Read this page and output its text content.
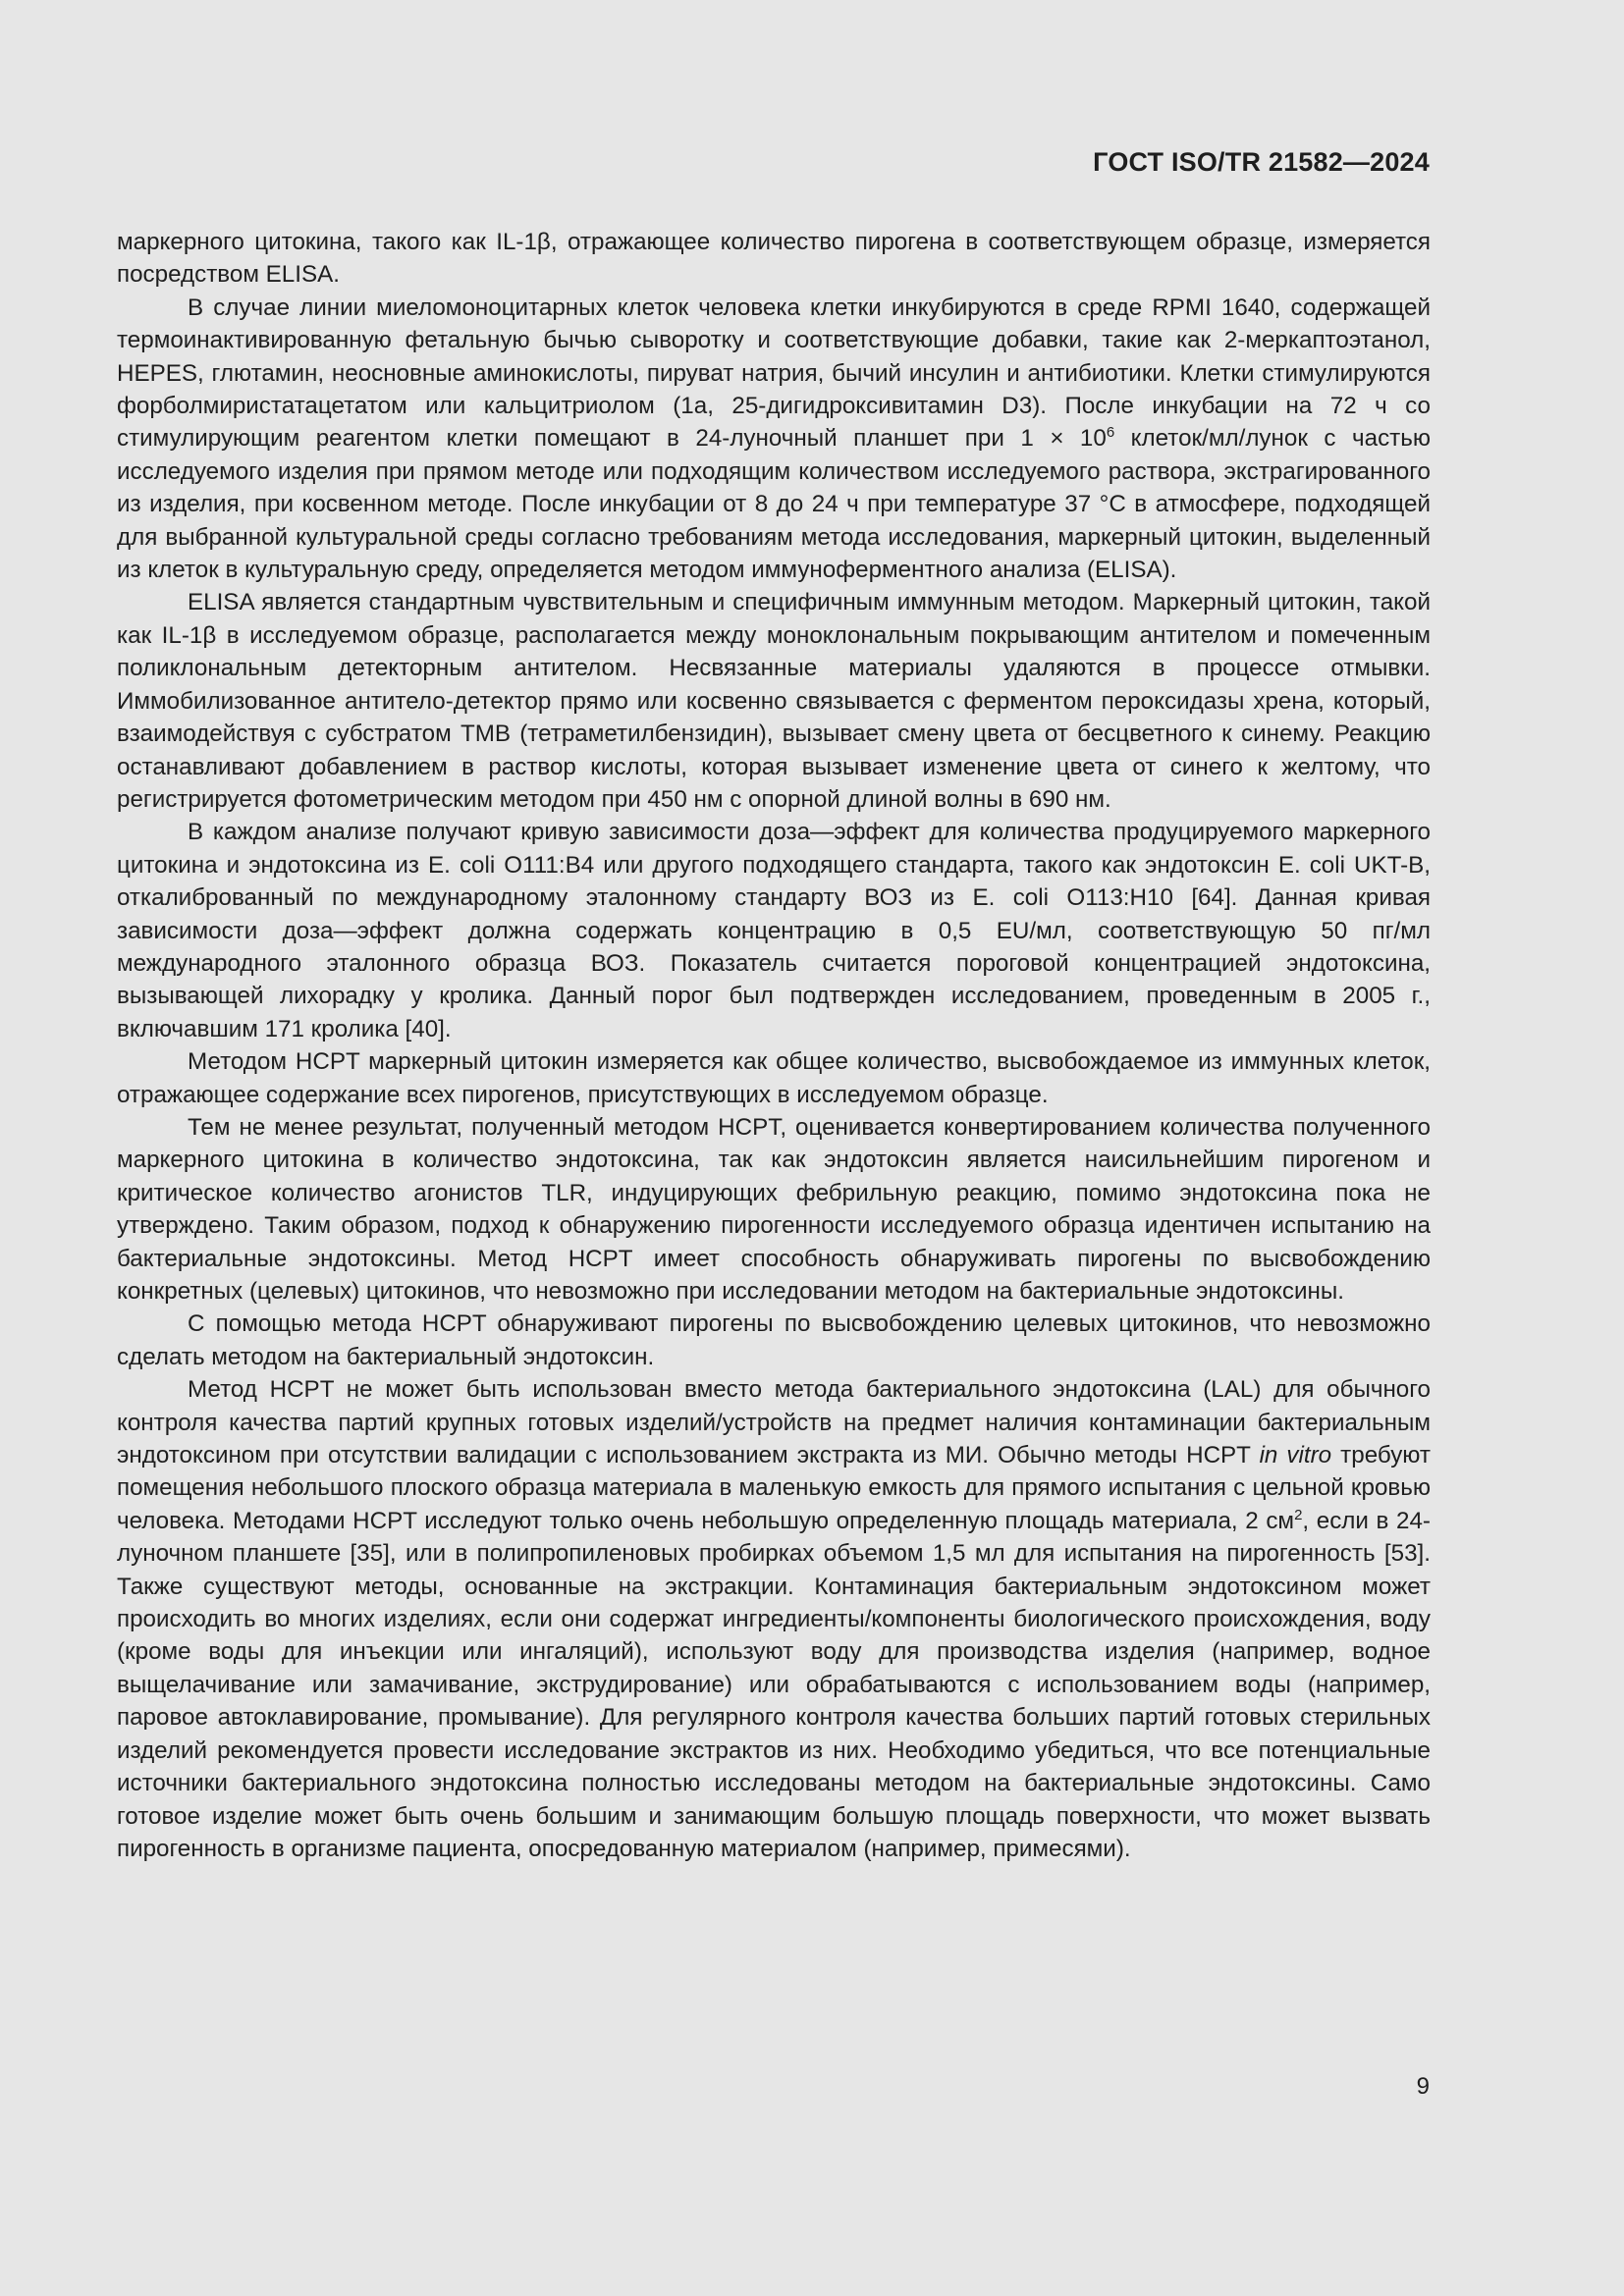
ГОСТ ISO/TR 21582—2024

маркерного цитокина, такого как IL-1β, отражающее количество пирогена в соответствующем образце, измеряется посредством ELISA.

В случае линии миеломоноцитарных клеток человека клетки инкубируются в среде RPMI 1640, содержащей термоинактивированную фетальную бычью сыворотку и соответствующие добавки, такие как 2-меркаптоэтанол, HEPES, глютамин, неосновные аминокислоты, пируват натрия, бычий инсулин и антибиотики. Клетки стимулируются форболмиристатацетатом или кальцитриолом (1a, 25-дигидроксивитамин D3). После инкубации на 72 ч со стимулирующим реагентом клетки помещают в 24-луночный планшет при $1 \times 10^6$ клеток/мл/лунок с частью исследуемого изделия при прямом методе или подходящим количеством исследуемого раствора, экстрагированного из изделия, при косвенном методе. После инкубации от 8 до 24 ч при температуре 37 °C в атмосфере, подходящей для выбранной культуральной среды согласно требованиям метода исследования, маркерный цитокин, выделенный из клеток в культуральную среду, определяется методом иммуноферментного анализа (ELISA).

ELISA является стандартным чувствительным и специфичным иммунным методом. Маркерный цитокин, такой как IL-1β в исследуемом образце, располагается между моноклональным покрывающим антителом и помеченным поликлональным детекторным антителом. Несвязанные материалы удаляются в процессе отмывки. Иммобилизованное антитело-детектор прямо или косвенно связывается с ферментом пероксидазы хрена, который, взаимодействуя с субстратом TMB (тетраметилбензидин), вызывает смену цвета от бесцветного к синему. Реакцию останавливают добавлением в раствор кислоты, которая вызывает изменение цвета от синего к желтому, что регистрируется фотометрическим методом при 450 нм с опорной длиной волны в 690 нм.

В каждом анализе получают кривую зависимости доза—эффект для количества продуцируемого маркерного цитокина и эндотоксина из E. coli O111:B4 или другого подходящего стандарта, такого как эндотоксин E. coli UKT-B, откалиброванный по международному эталонному стандарту ВОЗ из E. coli O113:H10 [64]. Данная кривая зависимости доза—эффект должна содержать концентрацию в 0,5 EU/мл, соответствующую 50 пг/мл международного эталонного образца ВОЗ. Показатель считается пороговой концентрацией эндотоксина, вызывающей лихорадку у кролика. Данный порог был подтвержден исследованием, проведенным в 2005 г., включавшим 171 кролика [40].

Методом HCPT маркерный цитокин измеряется как общее количество, высвобождаемое из иммунных клеток, отражающее содержание всех пирогенов, присутствующих в исследуемом образце.

Тем не менее результат, полученный методом HCPT, оценивается конвертированием количества полученного маркерного цитокина в количество эндотоксина, так как эндотоксин является наисильнейшим пирогеном и критическое количество агонистов TLR, индуцирующих фебрильную реакцию, помимо эндотоксина пока не утверждено. Таким образом, подход к обнаружению пирогенности исследуемого образца идентичен испытанию на бактериальные эндотоксины. Метод HCPT имеет способность обнаруживать пирогены по высвобождению конкретных (целевых) цитокинов, что невозможно при исследовании методом на бактериальные эндотоксины.

С помощью метода HCPT обнаруживают пирогены по высвобождению целевых цитокинов, что невозможно сделать методом на бактериальный эндотоксин.

Метод HCPT не может быть использован вместо метода бактериального эндотоксина (LAL) для обычного контроля качества партий крупных готовых изделий/устройств на предмет наличия контаминации бактериальным эндотоксином при отсутствии валидации с использованием экстракта из МИ. Обычно методы HCPT in vitro требуют помещения небольшого плоского образца материала в маленькую емкость для прямого испытания с цельной кровью человека. Методами HCPT исследуют только очень небольшую определенную площадь материала, 2 $см^2$, если в 24-луночном планшете [35], или в полипропиленовых пробирках объемом 1,5 мл для испытания на пирогенность [53]. Также существуют методы, основанные на экстракции. Контаминация бактериальным эндотоксином может происходить во многих изделиях, если они содержат ингредиенты/компоненты биологического происхождения, воду (кроме воды для инъекции или ингаляций), используют воду для производства изделия (например, водное выщелачивание или замачивание, экструдирование) или обрабатываются с использованием воды (например, паровое автоклавирование, промывание). Для регулярного контроля качества больших партий готовых стерильных изделий рекомендуется провести исследование экстрактов из них. Необходимо убедиться, что все потенциальные источники бактериального эндотоксина полностью исследованы методом на бактериальные эндотоксины. Само готовое изделие может быть очень большим и занимающим большую площадь поверхности, что может вызвать пирогенность в организме пациента, опосредованную материалом (например, примесями).

9
